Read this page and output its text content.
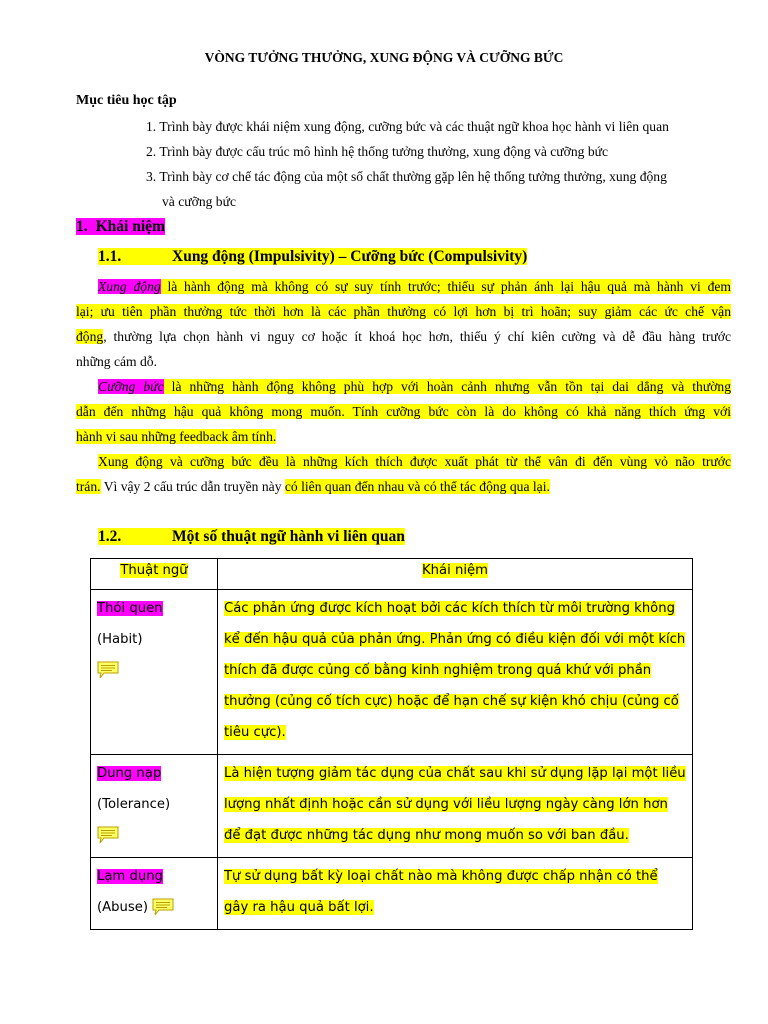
VÒNG TƯỞNG THƯỞNG, XUNG ĐỘNG VÀ CƯỠNG BỨC
Mục tiêu học tập
1. Trình bày được khái niệm xung động, cưỡng bức và các thuật ngữ khoa học hành vi liên quan
2. Trình bày được cấu trúc mô hình hệ thống tưởng thưởng, xung động và cưỡng bức
3. Trình bày cơ chế tác động của một số chất thường gặp lên hệ thống tưởng thưởng, xung động
và cưỡng bức
1. Khái niệm
1.1.	Xung động (Impulsivity) – Cưỡng bức (Compulsivity)
Xung động là hành động mà không có sự suy tính trước; thiếu sự phản ánh lại hậu quả mà hành vi đem
lại; ưu tiên phần thưởng tức thời hơn là các phần thưởng có lợi hơn bị trì hoãn; suy giảm các ức chế vận
động, thường lựa chọn hành vi nguy cơ hoặc ít khoá học hơn, thiếu ý chí kiên cường và dễ đầu hàng trước
những cám dỗ.
Cưỡng bức là những hành động không phù hợp với hoàn cảnh nhưng vẫn tồn tại dai dẳng và thường
dẫn đến những hậu quả không mong muốn. Tính cưỡng bức còn là do không có khả năng thích ứng với
hành vi sau những feedback âm tính.
Xung động và cưỡng bức đều là những kích thích được xuất phát từ thể vân đi đến vùng vỏ não trước
trán. Vì vậy 2 cấu trúc dẫn truyền này có liên quan đến nhau và có thể tác động qua lại.
1.2.	Một số thuật ngữ hành vi liên quan
Thuật ngữ	Khái niệm
Thói quen
(Habit)	Các phản ứng được kích hoạt bởi các kích thích từ môi trường không kể đến hậu quả của phản ứng. Phản ứng có điều kiện đối với một kích thích đã được củng cố bằng kinh nghiệm trong quá khứ với phần thưởng (củng cố tích cực) hoặc để hạn chế sự kiện khó chịu (củng cố tiêu cực).
Dung nạp
(Tolerance)	Là hiện tượng giảm tác dụng của chất sau khi sử dụng lặp lại một liều lượng nhất định hoặc cần sử dụng với liều lượng ngày càng lớn hơn để đạt được những tác dụng như mong muốn so với ban đầu.
Lạm dụng
(Abuse)	Tự sử dụng bất kỳ loại chất nào mà không được chấp nhận có thể gây ra hậu quả bất lợi.
